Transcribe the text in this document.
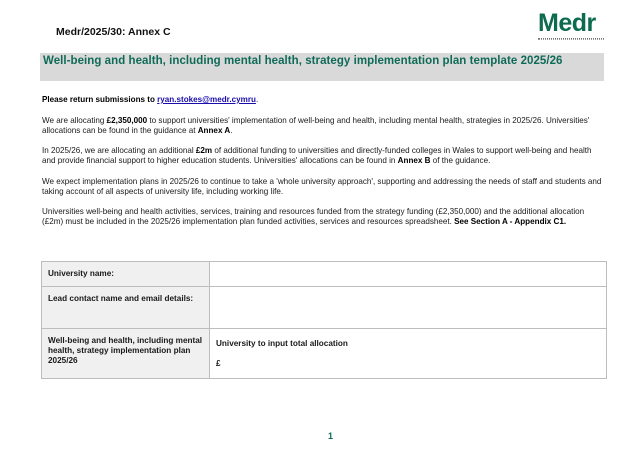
Medr/2025/30: Annex C	Medr
Well-being and health, including mental health, strategy implementation plan template 2025/26

Please return submissions to ryan.stokes@medr.cymru.

We are allocating £2,350,000 to support universities' implementation of well-being and health, including mental health, strategies in 2025/26. Universities' allocations can be found in the guidance at Annex A.

In 2025/26, we are allocating an additional £2m of additional funding to universities and directly-funded colleges in Wales to support well-being and health and provide financial support to higher education students. Universities' allocations can be found in Annex B of the guidance.

We expect implementation plans in 2025/26 to continue to take a 'whole university approach', supporting and addressing the needs of staff and students and taking account of all aspects of university life, including working life.

Universities well-being and health activities, services, training and resources funded from the strategy funding (£2,350,000) and the additional allocation (£2m) must be included in the 2025/26 implementation plan funded activities, services and resources spreadsheet. See Section A - Appendix C1.

University name:	
Lead contact name and email details:	
Well-being and health, including mental health, strategy implementation plan 2025/26	University to input total allocation
£
1
